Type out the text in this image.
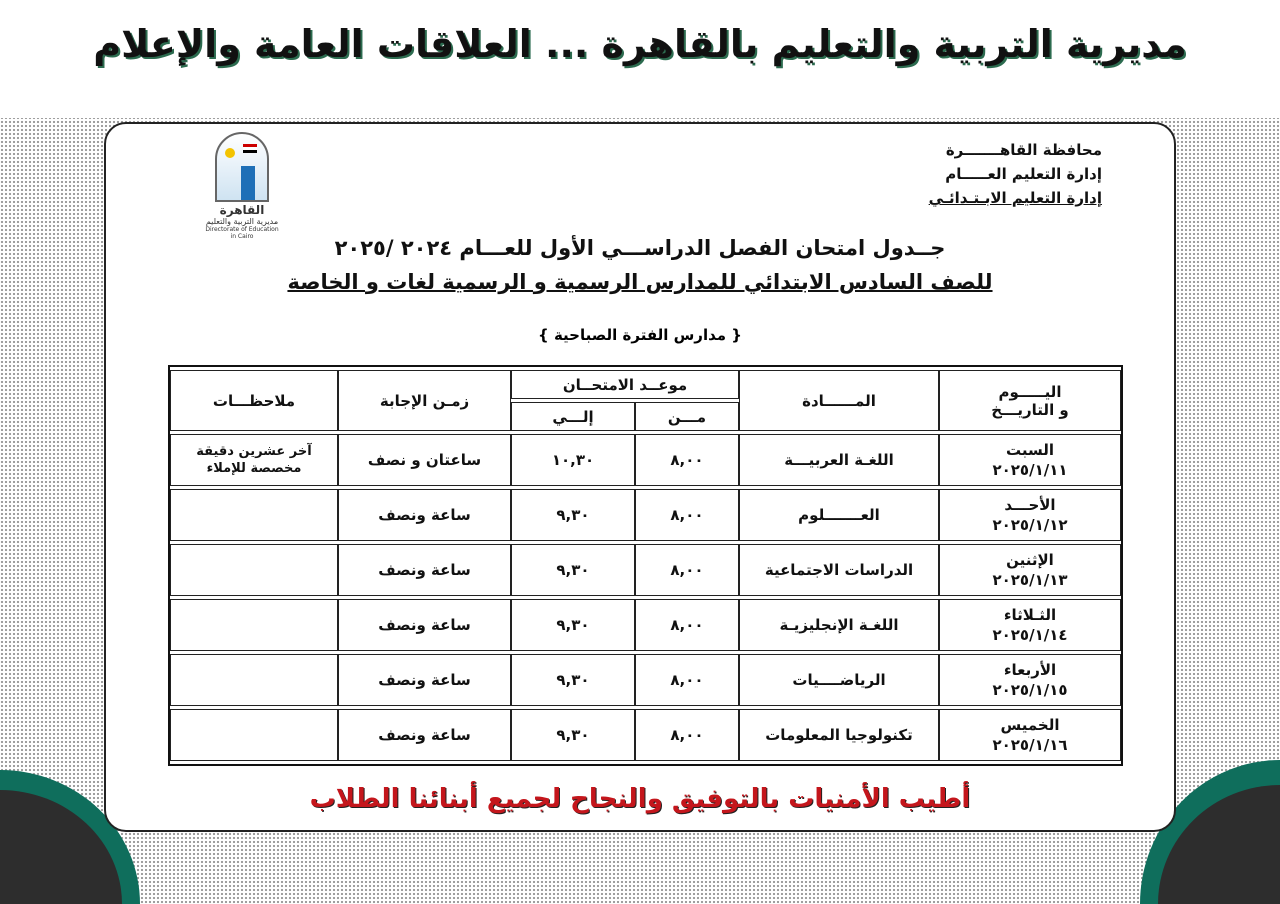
مديرية التربية والتعليم بالقاهرة ... العلاقات العامة والإعلام
محافظة القاهـــــــرة
إدارة التعليم العـــــام
إدارة التعليم الابـتـدائـي
القاهرة
مديرية التربية والتعليم
Directorate of Education in Cairo	جــدول امتحان الفصل الدراســـي الأول للعـــام ٢٠٢٤ /٢٠٢٥
للصف السادس الابتدائي للمدارس الرسمية و الرسمية لغات و الخاصة
{ مدارس الفترة الصباحية }
اليـــــوم
و التاريـــخ	المــــــادة	موعــد الامتحــان		زمـن الإجابة	ملاحظـــات
		مـــن	إلـــي		
السبت
٢٠٢٥/١/١١	اللغـة العربيـــة	٨,٠٠	١٠,٣٠	ساعتان و نصف	آخر عشرين دقيقة مخصصة للإملاء
الأحـــد
٢٠٢٥/١/١٢	العـــــــلوم	٨,٠٠	٩,٣٠	ساعة ونصف	
الإثنين
٢٠٢٥/١/١٣	الدراسات الاجتماعية	٨,٠٠	٩,٣٠	ساعة ونصف	
الثـلاثاء
٢٠٢٥/١/١٤	اللغـة الإنجليزيـة	٨,٠٠	٩,٣٠	ساعة ونصف	
الأربعاء
٢٠٢٥/١/١٥	الرياضــــيات	٨,٠٠	٩,٣٠	ساعة ونصف	
الخميس
٢٠٢٥/١/١٦	تكنولوجيا المعلومات	٨,٠٠	٩,٣٠	ساعة ونصف	
أطيب الأمنيات بالتوفيق والنجاح لجميع أبنائنا الطلاب
